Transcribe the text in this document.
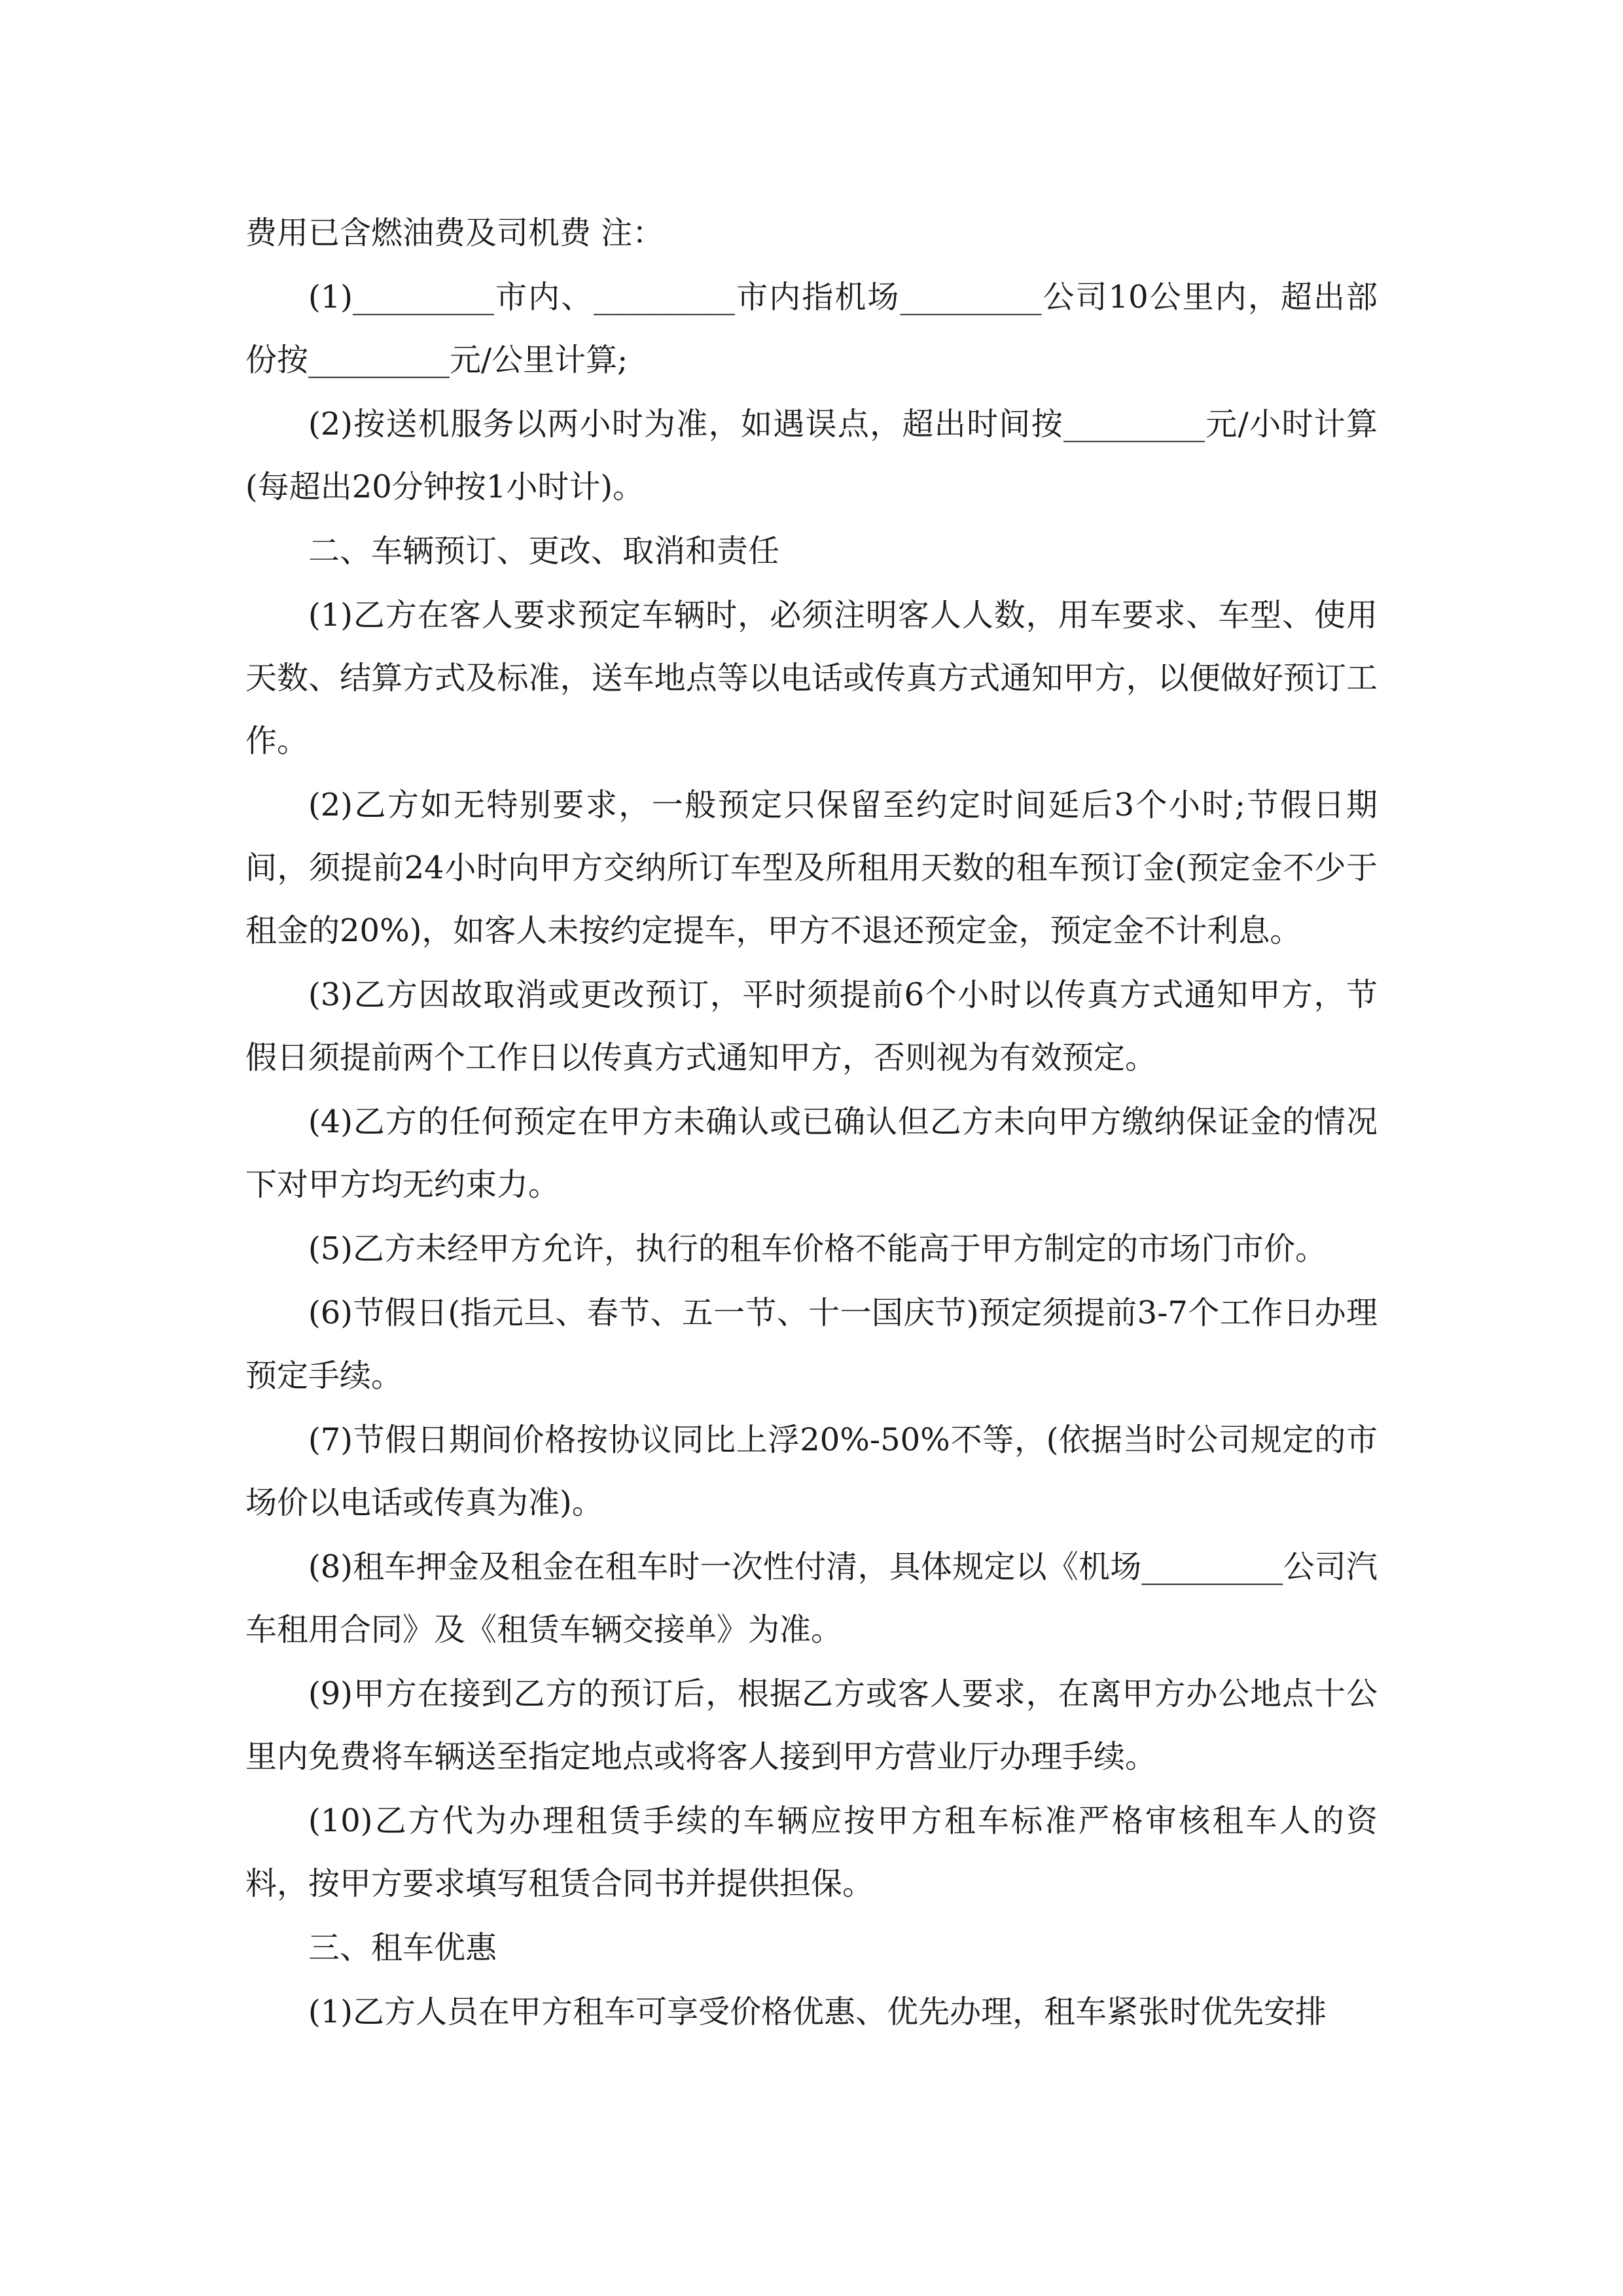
费用已含燃油费及司机费 注：

(1)_________市内、_________市内指机场_________公司10公里内，超出部份按_________元/公里计算;

(2)按送机服务以两小时为准，如遇误点，超出时间按_________元/小时计算(每超出20分钟按1小时计)。

二、车辆预订、更改、取消和责任

(1)乙方在客人要求预定车辆时，必须注明客人人数，用车要求、车型、使用天数、结算方式及标准，送车地点等以电话或传真方式通知甲方，以便做好预订工作。

(2)乙方如无特别要求，一般预定只保留至约定时间延后3个小时;节假日期间，须提前24小时向甲方交纳所订车型及所租用天数的租车预订金(预定金不少于租金的20%)，如客人未按约定提车，甲方不退还预定金，预定金不计利息。

(3)乙方因故取消或更改预订，平时须提前6个小时以传真方式通知甲方，节假日须提前两个工作日以传真方式通知甲方，否则视为有效预定。

(4)乙方的任何预定在甲方未确认或已确认但乙方未向甲方缴纳保证金的情况下对甲方均无约束力。

(5)乙方未经甲方允许，执行的租车价格不能高于甲方制定的市场门市价。

(6)节假日(指元旦、春节、五一节、十一国庆节)预定须提前3-7个工作日办理预定手续。

(7)节假日期间价格按协议同比上浮20%-50%不等，(依据当时公司规定的市场价以电话或传真为准)。

(8)租车押金及租金在租车时一次性付清，具体规定以《机场_________公司汽车租用合同》及《租赁车辆交接单》为准。

(9)甲方在接到乙方的预订后，根据乙方或客人要求，在离甲方办公地点十公里内免费将车辆送至指定地点或将客人接到甲方营业厅办理手续。

(10)乙方代为办理租赁手续的车辆应按甲方租车标准严格审核租车人的资料，按甲方要求填写租赁合同书并提供担保。

三、租车优惠

(1)乙方人员在甲方租车可享受价格优惠、优先办理，租车紧张时优先安排
